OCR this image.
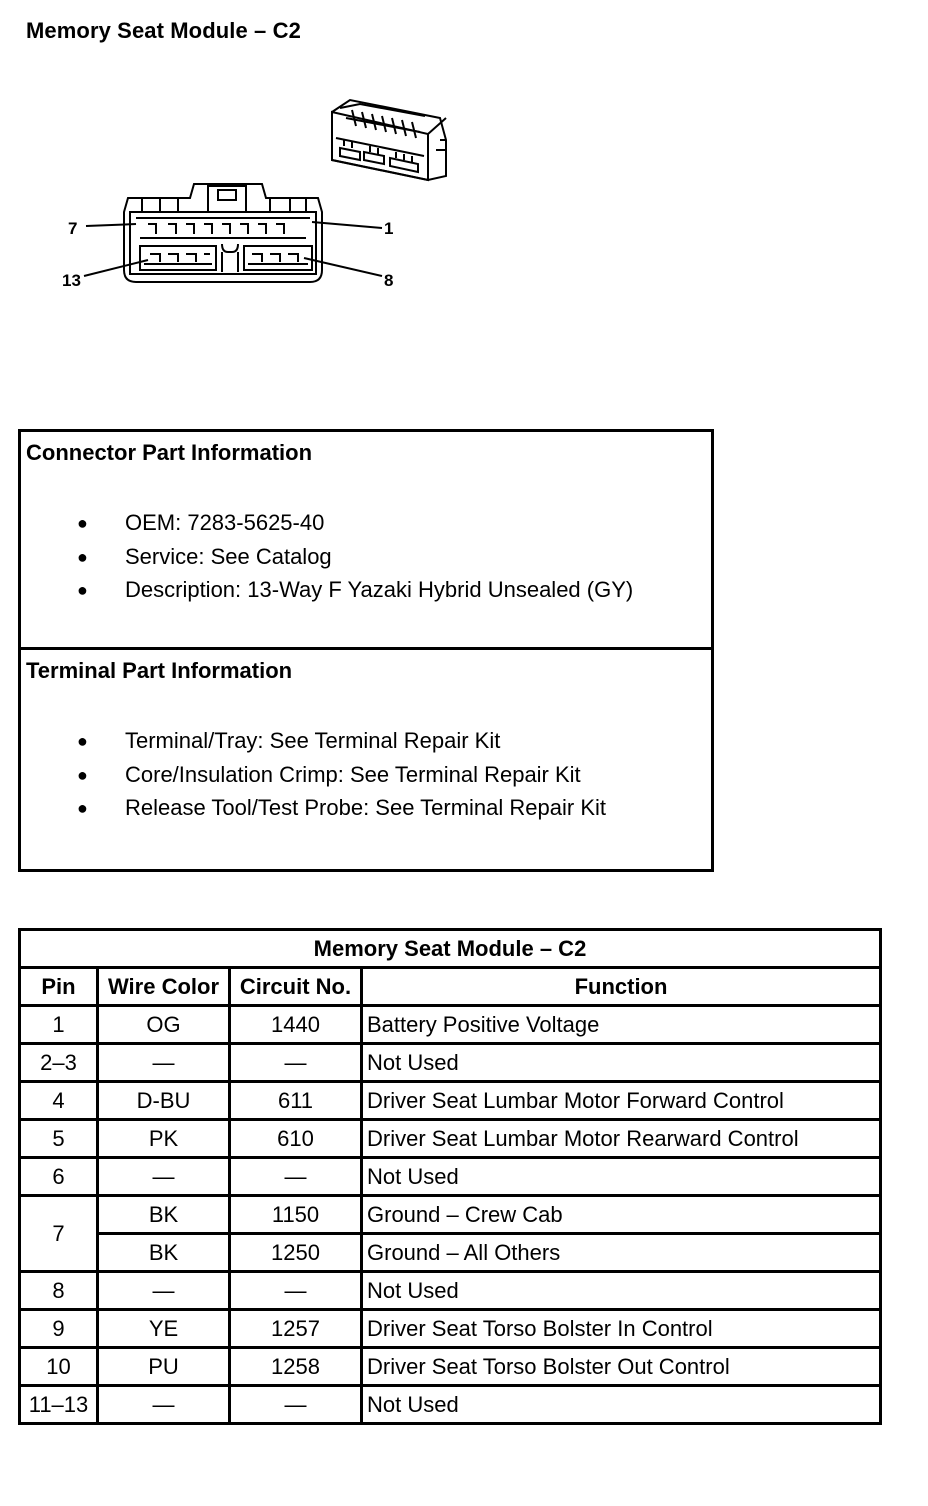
Memory Seat Module – C2
7	1
13	8
Connector Part Information
● OEM: 7283-5625-40
● Service: See Catalog
● Description: 13-Way F Yazaki Hybrid Unsealed (GY)
Terminal Part Information
● Terminal/Tray: See Terminal Repair Kit
● Core/Insulation Crimp: See Terminal Repair Kit
● Release Tool/Test Probe: See Terminal Repair Kit
Memory Seat Module – C2			
Pin	Wire Color	Circuit No.	Function
1	OG	1440	Battery Positive Voltage
2–3	—	—	Not Used
4	D-BU	611	Driver Seat Lumbar Motor Forward Control
5	PK	610	Driver Seat Lumbar Motor Rearward Control
6	—	—	Not Used
7	BK	1150	Ground – Crew Cab
	BK	1250	Ground – All Others
8	—	—	Not Used
9	YE	1257	Driver Seat Torso Bolster In Control
10	PU	1258	Driver Seat Torso Bolster Out Control
11–13	—	—	Not Used
